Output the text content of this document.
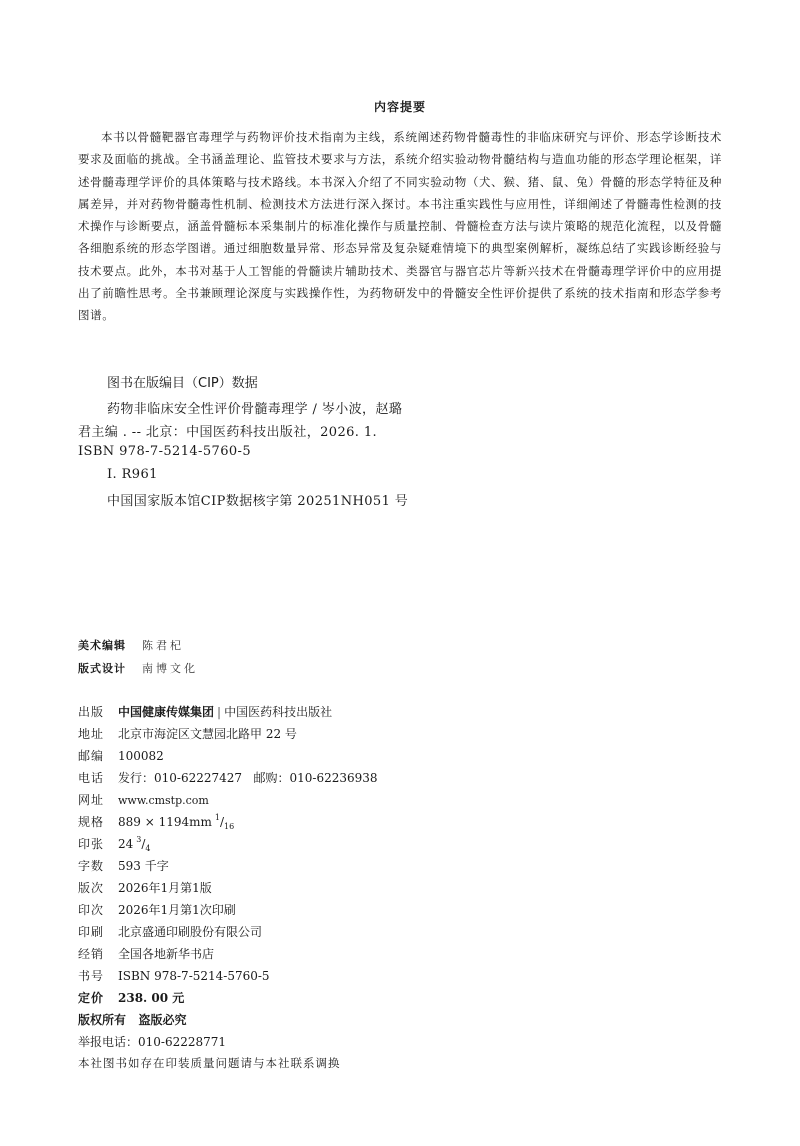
内容提要

本书以骨髓靶器官毒理学与药物评价技术指南为主线，系统阐述药物骨髓毒性的非临床研究与评价、形态学诊断技术要求及面临的挑战。全书涵盖理论、监管技术要求与方法，系统介绍实验动物骨髓结构与造血功能的形态学理论框架，详述骨髓毒理学评价的具体策略与技术路线。本书深入介绍了不同实验动物（犬、猴、猪、鼠、兔）骨髓的形态学特征及种属差异，并对药物骨髓毒性机制、检测技术方法进行深入探讨。本书注重实践性与应用性，详细阐述了骨髓毒性检测的技术操作与诊断要点，涵盖骨髓标本采集制片的标准化操作与质量控制、骨髓检查方法与读片策略的规范化流程，以及骨髓各细胞系统的形态学图谱。通过细胞数量异常、形态异常及复杂疑难情境下的典型案例解析，凝练总结了实践诊断经验与技术要点。此外，本书对基于人工智能的骨髓读片辅助技术、类器官与器官芯片等新兴技术在骨髓毒理学评价中的应用提出了前瞻性思考。全书兼顾理论深度与实践操作性，为药物研发中的骨髓安全性评价提供了系统的技术指南和形态学参考图谱。

图书在版编目（CIP）数据
药物非临床安全性评价骨髓毒理学 / 岑小波，赵璐
君主编 . -- 北京：中国医药科技出版社，2026. 1.
ISBN 978-7-5214-5760-5
Ⅰ. R961
中国国家版本馆CIP数据核字第 20251NH051 号
美术编辑 陈君杞
版式设计 南博文化
出版 中国健康传媒集团 | 中国医药科技出版社
地址 北京市海淀区文慧园北路甲 22 号
邮编 100082
电话 发行：010-62227427   邮购：010-62236938
网址 www.cmstp.com
规格 889 × 1194mm $^1/_{16}$
印张 24 $^3/_4$
字数 593 千字
版次 2026年1月第1版
印次 2026年1月第1次印刷
印刷 北京盛通印刷股份有限公司
经销 全国各地新华书店
书号 ISBN 978-7-5214-5760-5
定价 238. 00 元
版权所有   盗版必究
举报电话：010-62228771
本社图书如存在印装质量问题请与本社联系调换
